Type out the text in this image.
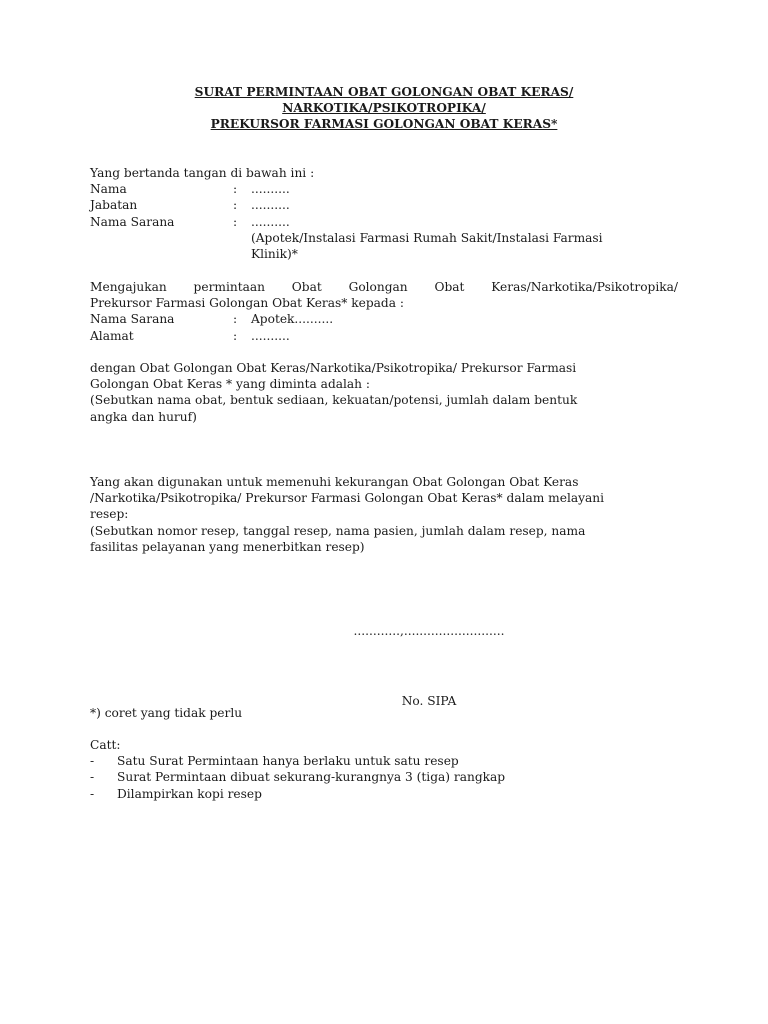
SURAT PERMINTAAN OBAT GOLONGAN OBAT KERAS/
NARKOTIKA/PSIKOTROPIKA/
PREKURSOR FARMASI GOLONGAN OBAT KERAS*
Yang bertanda tangan di bawah ini :
Nama	:	..........
Jabatan	:	..........
Nama Sarana	:	..........
(Apotek/Instalasi Farmasi Rumah Sakit/Instalasi Farmasi
Klinik)*
Mengajukan permintaan Obat Golongan Obat Keras/Narkotika/Psikotropika/
Prekursor Farmasi Golongan Obat Keras* kepada :
Nama Sarana	:	Apotek..........
Alamat	:	..........
dengan Obat Golongan Obat Keras/Narkotika/Psikotropika/ Prekursor Farmasi
Golongan Obat Keras * yang diminta adalah :
(Sebutkan nama obat, bentuk sediaan, kekuatan/potensi, jumlah dalam bentuk
angka dan huruf)
Yang akan digunakan untuk memenuhi kekurangan Obat Golongan Obat Keras
/Narkotika/Psikotropika/ Prekursor Farmasi Golongan Obat Keras* dalam melayani
resep:
(Sebutkan nomor resep, tanggal resep, nama pasien, jumlah dalam resep, nama
fasilitas pelayanan yang menerbitkan resep)
............,..........................
No. SIPA
*) coret yang tidak perlu
Catt:
-	Satu Surat Permintaan hanya berlaku untuk satu resep
-	Surat Permintaan dibuat sekurang-kurangnya 3 (tiga) rangkap
-	Dilampirkan kopi resep
